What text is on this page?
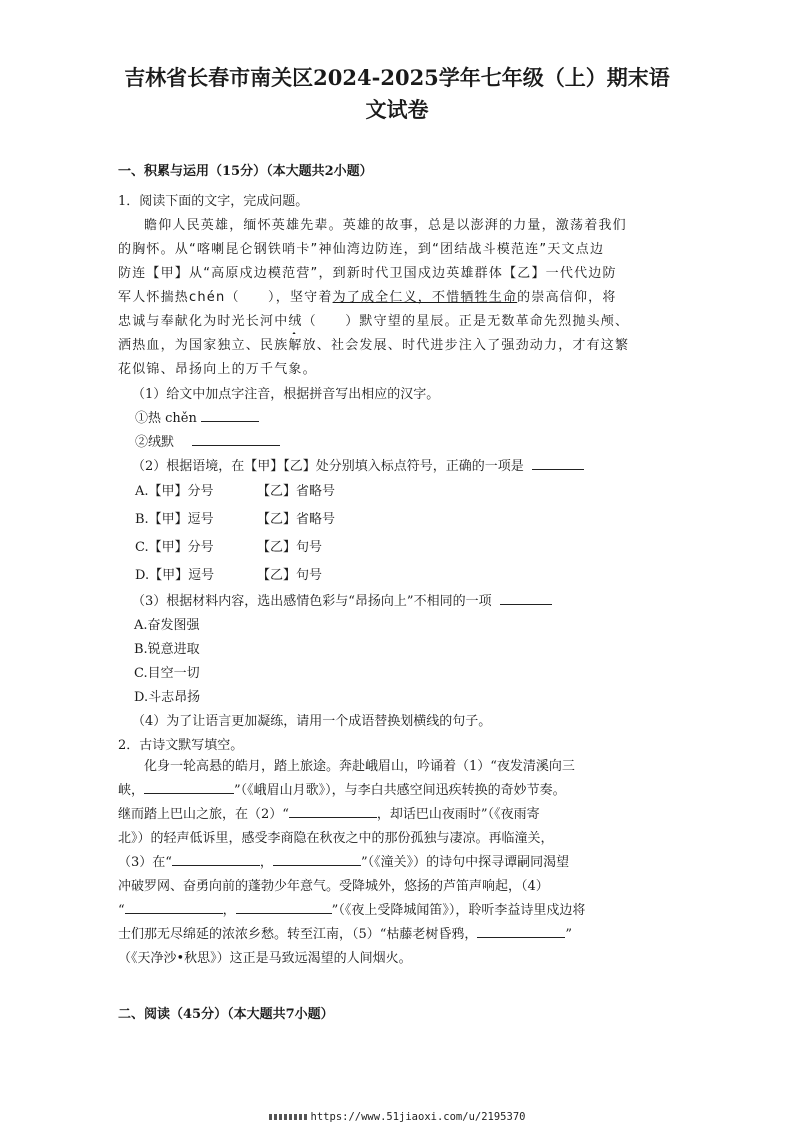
吉林省长春市南关区2024-2025学年七年级（上）期末语
文试卷
一、积累与运用（15分）（本大题共2小题）
1．阅读下面的文字，完成问题。
瞻仰人民英雄，缅怀英雄先辈。英雄的故事，总是以澎湃的力量，激荡着我们
的胸怀。从“喀喇昆仑钢铁哨卡”神仙湾边防连，到“团结战斗模范连”天文点边
防连【甲】从“高原戍边模范营”，到新时代卫国戍边英雄群体【乙】一代代边防
军人怀揣热chén（　　），坚守着为了成全仁义，不惜牺牲生命的崇高信仰，将
忠诚与奉献化为时光长河中绒（　　）默守望的星辰。正是无数革命先烈抛头颅、
洒热血，为国家独立、民族解放、社会发展、时代进步注入了强劲动力，才有这繁
花似锦、昂扬向上的万千气象。
（1）给文中加点字注音，根据拼音写出相应的汉字。
①热 chěn
②绒默
（2）根据语境，在【甲】【乙】处分别填入标点符号，正确的一项是
A.【甲】分号	【乙】省略号
B.【甲】逗号	【乙】省略号
C.【甲】分号	【乙】句号
D.【甲】逗号	【乙】句号
（3）根据材料内容，选出感情色彩与“昂扬向上”不相同的一项
A.奋发图强
B.锐意进取
C.目空一切
D.斗志昂扬
（4）为了让语言更加凝练，请用一个成语替换划横线的句子。
2．古诗文默写填空。
化身一轮高悬的皓月，踏上旅途。奔赴峨眉山，吟诵着（1）“夜发清溪向三
峡，	”（《峨眉山月歌》），与李白共感空间迅疾转换的奇妙节奏。
继而踏上巴山之旅，在（2）“	，却话巴山夜雨时”（《夜雨寄
北》）的轻声低诉里，感受李商隐在秋夜之中的那份孤独与凄凉。再临潼关，
（3）在“	，	”（《潼关》）的诗句中探寻谭嗣同渴望
冲破罗网、奋勇向前的蓬勃少年意气。受降城外，悠扬的芦笛声响起，（4）
“	，	”（《夜上受降城闻笛》），聆听李益诗里戍边将
士们那无尽绵延的浓浓乡愁。转至江南，（5）“枯藤老树昏鸦，	”
（《天净沙•秋思》）这正是马致远渴望的人间烟火。
二、阅读（45分）（本大题共7小题）
https://www.51jiaoxi.com/u/2195370
